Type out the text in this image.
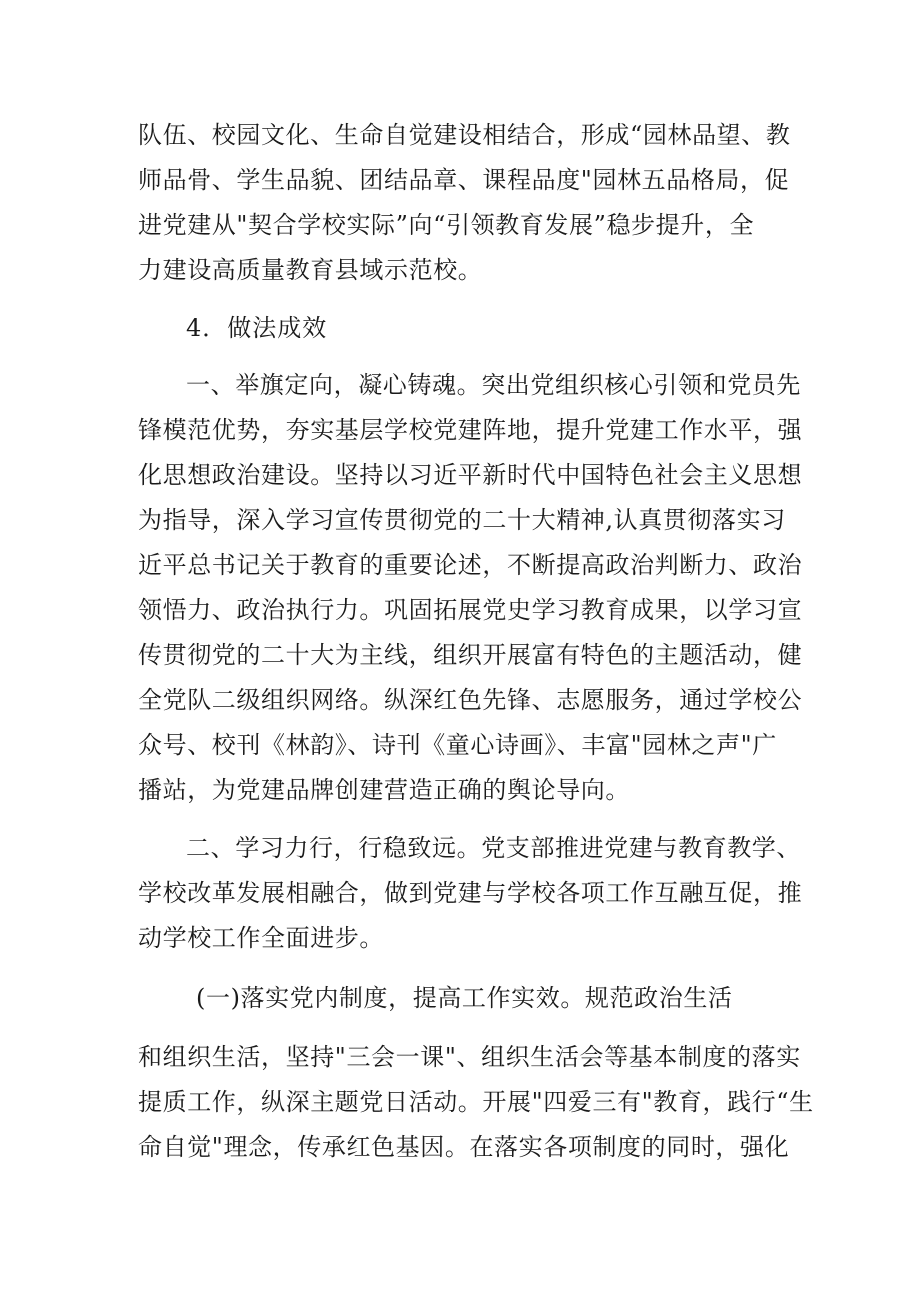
队伍、校园文化、生命自觉建设相结合，形成“园林品望、教
师品骨、学生品貌、团结品章、课程品度"园林五品格局，促
进党建从"契合学校实际”向“引领教育发展”稳步提升，全
力建设高质量教育县域示范校。
4．做法成效
一、举旗定向，凝心铸魂。突出党组织核心引领和党员先
锋模范优势，夯实基层学校党建阵地，提升党建工作水平，强
化思想政治建设。坚持以习近平新时代中国特色社会主义思想
为指导，深入学习宣传贯彻党的二十大精神,认真贯彻落实习
近平总书记关于教育的重要论述，不断提高政治判断力、政治
领悟力、政治执行力。巩固拓展党史学习教育成果，以学习宣
传贯彻党的二十大为主线，组织开展富有特色的主题活动，健
全党队二级组织网络。纵深红色先锋、志愿服务，通过学校公
众号、校刊《林韵》、诗刊《童心诗画》、丰富"园林之声"广
播站，为党建品牌创建营造正确的舆论导向。
二、学习力行，行稳致远。党支部推进党建与教育教学、
学校改革发展相融合，做到党建与学校各项工作互融互促，推
动学校工作全面进步。
(一)落实党内制度，提高工作实效。规范政治生活
和组织生活，坚持"三会一课"、组织生活会等基本制度的落实
提质工作，纵深主题党日活动。开展"四爱三有"教育，践行“生
命自觉"理念，传承红色基因。在落实各项制度的同时，强化
